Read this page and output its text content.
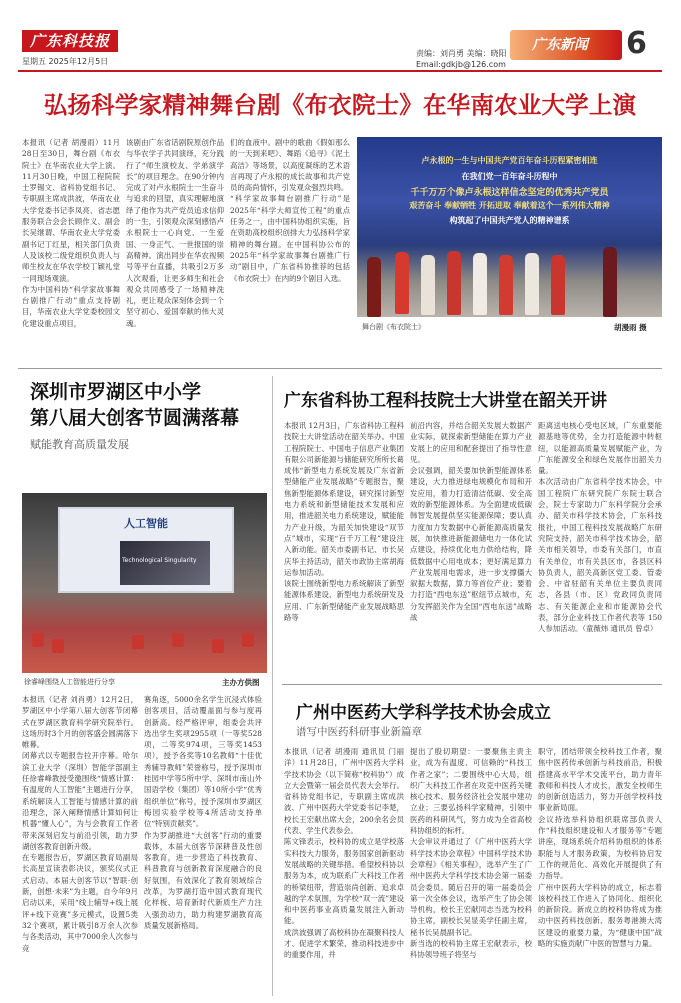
广东科技报
星期五 2025年12月5日
责编：刘肖勇 美编：晓阳
Email:gdkjb@126.com
广东新闻 6
弘扬科学家精神舞台剧《布衣院士》在华南农业大学上演
本报讯（记者 胡漫雨）11月28日至30日，舞台剧《布衣院士》在华南农业大学上演。11月30日晚，中国工程院院士罗锡文、省科协党组书记、专职副主席成洪波，华南农业大学党委书记李凤亮、省志愿服务联合会会长顾作义、副会长吴继谓、华南农业大学党委副书记丁红星，相关部门负责人及该校二级党组织负责人与师生校友在华农学校丁颖礼堂一同现场观演。
作为中国科协“科学家故事舞台剧推广行动”重点支持剧目，华南农业大学党委校园文化建设重点项目，
该剧由广东省话剧院原创作品与华农学子共同演绎，充分践行了“师生演校友、学弟演学长”的项目理念。在90分钟内完成了对卢永根院士一生奋斗与追求的回望，真实理解地演绎了他作为共产党员追求信仰的一生，引领观众深刻感悟卢永根院士一心向党、一生爱国、一身正气、一世报国的崇高精神。演出同步在华农视频号等平台直播，共吸引2万多人次观看，让更多师生和社会观众共同感受了一场精神洗礼，更让观众深刻体会到一个坚守初心、爱国奉献的伟大灵魂。
们的血液中。剧中的歌曲《假如那么的一天到来吧》、舞蹈《追寻》《泥土高洁》等场景，以高度凝练的艺术语言再现了卢永根的成长故事和共产党员的高尚情怀，引发观众强烈共鸣。
“科学家故事舞台剧推广行动”是2025年“科学大师宣传工程”的重点任务之一，由中国科协组织实施，旨在资助高校组织创排大力弘扬科学家精神的舞台剧。在中国科协公布的2025年“科学家故事舞台剧推广行动”剧目中，广东省科协推荐的包括《布衣院士》在内的9个剧目入选。
卢永根的一生与中国共产党百年奋斗历程紧密相连
在我们党一百年奋斗历程中
千千万万个像卢永根这样信念坚定的优秀共产党员
艰苦奋斗 奉献牺牲 开拓进取 奉献着这个一系列伟大精神
构筑起了中国共产党人的精神谱系
舞台剧《布衣院士》	胡漫雨 摄
深圳市罗湖区中小学
第八届大创客节圆满落幕
赋能教育高质量发展
人工智能
Technological Singularity
徐睿峰围绕人工智能进行分享	主办方供图
本报讯（记者 刘肖勇）12月2日，罗湖区中小学第八届大创客节闭幕式在罗湖区教育科学研究院举行。这场历时3个月的创客盛会圆满落下帷幕。
闭幕式以专题报告拉开序幕。哈尔滨工业大学（深圳）智能学部副主任徐睿峰教授受邀围绕“情感计算：有温度的人工智能”主题进行分享，系统解读人工智能与情感计算的前沿理念，深入阐释情感计算如何让机器“懂人心”，为与会教育工作者带来深刻启发与前沿引领，助力罗湖创客教育创新升级。
在专题报告后，罗湖区教育局副局长高星宣读表彰决议，颁奖仪式正式启动。本届大创客节以“智联·创新，创想·未来”为主题，自今年9月启动以来，采用“线上辅导+线上展评+线下竞赛”多元模式，设置5类32个赛项，累计吸引8万余人次参与各类活动，其中7000余人次参与竞
赛角逐，5000余名学生沉浸式体验创客项目，活动覆盖面与参与度再创新高。经严格评审，组委会共评选出学生奖项2955项（一等奖528项，二等奖974项，三等奖1453项），授予各奖等10名教师“十佳优秀辅导教师”荣誉称号，授予深圳市桂园中学等5所中学、深圳市南山外国语学校（集团）等10所小学“优秀组织单位”称号，授予深圳市罗湖区梅园实验学校等4所活动支持单位“特别贡献奖”。
作为罗湖推进“大创客”行动的重要载体，本届大创客节深耕普及性创客教育，进一步营造了科技教育、科普教育与创新教育深度融合的良好氛围，有效深化了教育领域综合改革，为罗湖打造中国式教育现代化样板、培育新时代新质生产力注入强劲动力，助力构建罗湖教育高质量发展新格局。
广东省科协工程科技院士大讲堂在韶关开讲
本报讯 12月3日，广东省科协工程科技院士大讲堂活动在韶关举办。中国工程院院士、中国电子信息产业集团有限公司新能源与储能研究所所长葛成伟“新型电力系统发展及广东省新型储能产业发展战略”专题报告，聚焦新型能源体系建设，研究探讨新型电力系统和新型储能技术发展和应用，推进韶关电力系统建设，赋能能力产业升级，为韶关加快建设“双节点”城市，实现“百千万工程”建设注入新动能。韶关市委副书记、市长吴庆华主持活动，韶关市政协主席胡海运参加活动。
该院士围绕新型电力系统解读了新型能源体系建设、新型电力系统研发及应用、广东新型储能产业发展战略思路等
前沿内容，并结合韶关发展大数据产业实际，就探索新型储能在算力产业发展上的应用和配套提出了指导性意见。
会议强调，韶关要加快新型能源体系建设，大力推进绿电规模化布局和开发应用，着力打造清洁低碳、安全高效的新型能源体系。为全面建成低碳韩智发展提供坚实能源保障；要认真力度加力发数据中心新能源高质量发展，加快推进新能源储电力一体化试点建设，持续优化电力供给结构，降低数据中心用电成本；更好满足算力产业发展用电需求，进一步支撑僵大叙据大数据，算力等首位产业；要着力打造“西电东送”枢纽节点城市，充分发挥韶关作为全国“西电东送”战略战
距离送电核心受电区域，广东重要能源基地等优势，全力打造能源中转枢纽，以能源高质量发展赋能产业，为广东能源安全和绿色发展作出韶关力量。
本次活动由广东省科学技术协会，中国工程院广东研究院广东院士联合会，院士专家助力广东科学院分会承办、韶关市科学技术协会，广东科技报社，中国工程科技发展战略广东研究院支持，韶关市科学技术协会，韶关市相关领导，市委有关部门，市直有关单位，市有关县区市，各县区科协负责人，韶关高新区党工委、管委会、中省驻韶有关单位主要负责同志，各县（市、区）党政同负责同志、有关能源企业和市能源协会代表，部分企业科技工作者代表等 150 人参加活动。（童薇炜 通讯员 曾卓）
广州中医药大学科学技术协会成立
谱写中医药科研事业新篇章
本报讯（记者 胡漫雨 通讯员 门丽洋）11月28日，广州中医药大学科学技术协会（以下简称“校科协”）成立大会暨第一届会员代表大会举行。省科协党组书记，专职副主席成洪波、广州中医药大学党委书记李楚，校长王宏献出席大会，200余名会员代表、学生代表参会。
陈文锋表示，校科协的成立是学校落实科技大力服务，服务国家创新驱动发展战略的关键举措。希望校科协以服务为本，成为联系广大科技工作者的桥梁纽带，营造崇尚创新、追求卓越的学术氛围，为学校“双一流”建设和中医药事业高质量发展注入新动能。
成洪波强调了高校科协在凝聚科技人才、促进学术繁荣、推动科技进步中的重要作用，并
提出了殷切期望：一要聚焦主责主业，成为有温度、可信赖的“科技工作者之家”；二要围绕中心大局，组织广大科技工作者在攻克中医药关键核心技术、服务经济社会发展中建功立业；三要弘扬科学家精神，引领中医药的科研风气，努力成为全省高校科协组织的标杆。
大会审议并通过了《广州中医药大学科学技术协会章程》中国科学技术协会章程》《相关事程》，选举产生了广州中医药大学科学技术协会第一届委员会委员。随后召开的第一届委员会第一次全体会议，选举产生了协会领导机构，校长王宏献同志当选为校科协主席，副校长吴显美学任副主席，秘书长吴晨副书记。
新当选的校科协主席王宏献表示，校科协领导班子将坚与
职守，团结带领全校科技工作者，聚焦中医药传承创新与科技前沿，积极搭建高水平学术交流平台，助力青年教师和科技人才成长，激发全校师生的创新创造活力，努力开创学校科技事业新局面。
会议持选举科协组织联席部负责人作“科技组织建设和人才服务等”专题讲座，现场系统介绍科协组织的体系职能与人才服务政策，为校科协启发工作的规范化、高效化开展提供了有力指导。
广州中医药大学科协的成立，标志着该校科技工作进入了协同化、组织化的新阶段。新成立的校科协将成为推动中医药科技创新、服务粤港澳大湾区建设的重要力量，为“健康中国”战略的实施贡献广中医的智慧与力量。
